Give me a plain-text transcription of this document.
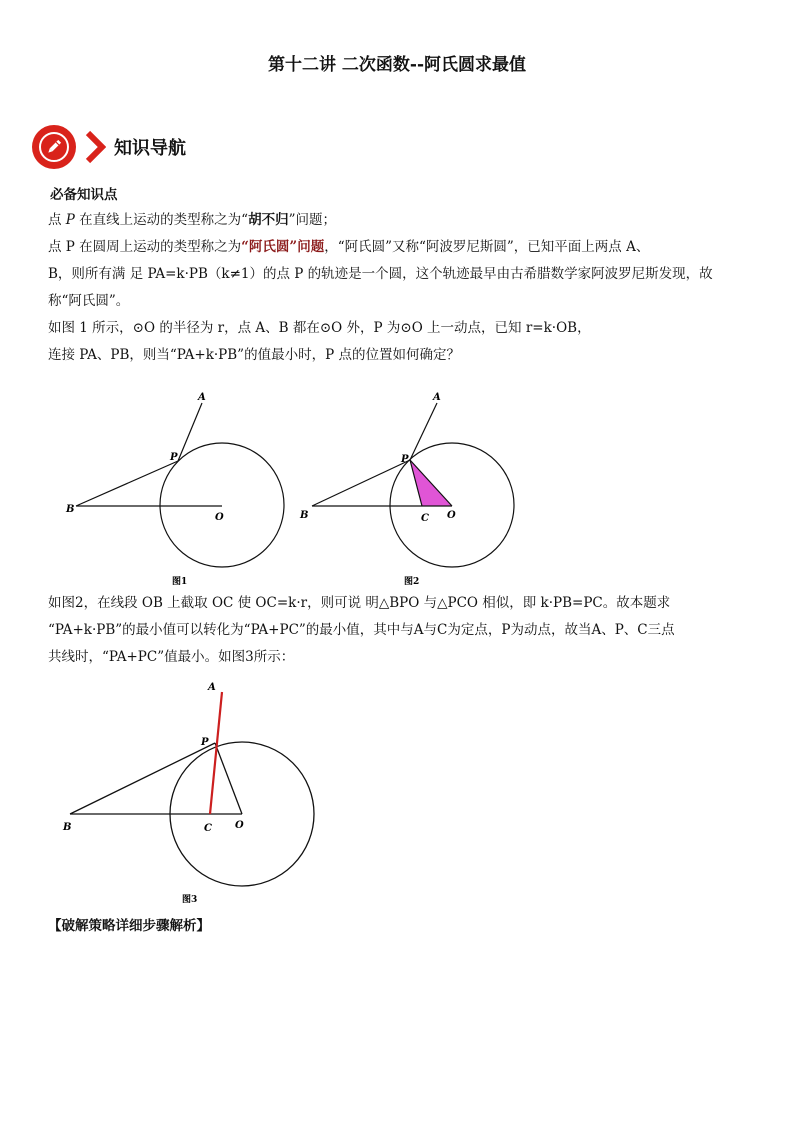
第十二讲 二次函数--阿氏圆求最值
知识导航
必备知识点
点 P 在直线上运动的类型称之为“胡不归”问题；
点 P 在圆周上运动的类型称之为“阿氏圆”问题，“阿氏圆”又称“阿波罗尼斯圆”，已知平面上两点 A、
B，则所有满 足 PA=k·PB（k≠1）的点 P 的轨迹是一个圆，这个轨迹最早由古希腊数学家阿波罗尼斯发现，故
称“阿氏圆”。
如图 1 所示，⊙O 的半径为 r，点 A、B 都在⊙O 外，P 为⊙O 上一动点，已知 r=k·OB，
连接 PA、PB，则当“PA+k·PB”的值最小时，P 点的位置如何确定？
A
P
B
O
图1
A
P
B	C O
图2
如图2，在线段 OB 上截取 OC 使 OC=k·r，则可说 明△BPO 与△PCO 相似，即 k·PB=PC。故本题求
“PA+k·PB”的最小值可以转化为“PA+PC”的最小值，其中与A与C为定点，P为动点，故当A、P、C三点
共线时，“PA+PC”值最小。如图3所示：
A
P
B	C O
图3
【破解策略详细步骤解析】
